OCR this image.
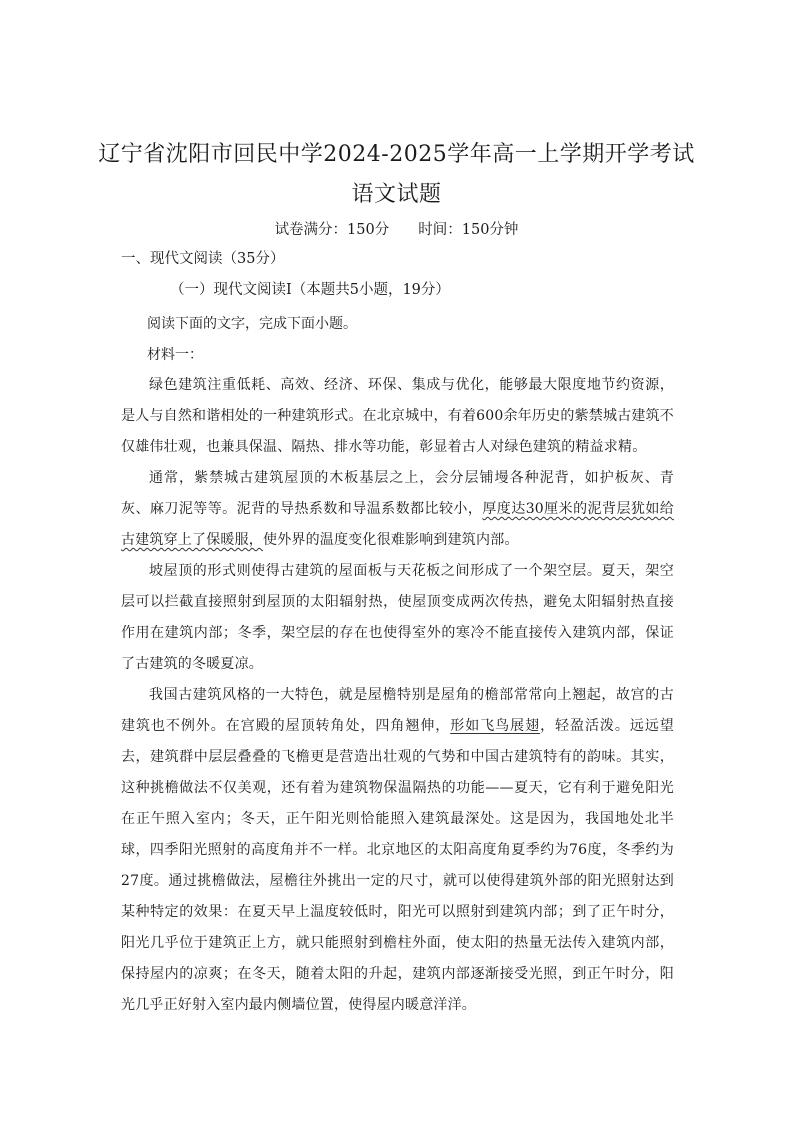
辽宁省沈阳市回民中学2024-2025学年高一上学期开学考试
语文试题
试卷满分：150分　　时间：150分钟
一、现代文阅读（35分）
（一）现代文阅读Ⅰ（本题共5小题，19分）
阅读下面的文字，完成下面小题。
材料一：

绿色建筑注重低耗、高效、经济、环保、集成与优化，能够最大限度地节约资源，是人与自然和谐相处的一种建筑形式。在北京城中，有着600余年历史的紫禁城古建筑不仅雄伟壮观，也兼具保温、隔热、排水等功能，彰显着古人对绿色建筑的精益求精。

通常，紫禁城古建筑屋顶的木板基层之上，会分层铺墁各种泥背，如护板灰、青灰、麻刀泥等等。泥背的导热系数和导温系数都比较小，厚度达30厘米的泥背层犹如给古建筑穿上了保暖服，使外界的温度变化很难影响到建筑内部。

坡屋顶的形式则使得古建筑的屋面板与天花板之间形成了一个架空层。夏天，架空层可以拦截直接照射到屋顶的太阳辐射热，使屋顶变成两次传热，避免太阳辐射热直接作用在建筑内部；冬季，架空层的存在也使得室外的寒冷不能直接传入建筑内部，保证了古建筑的冬暖夏凉。

我国古建筑风格的一大特色，就是屋檐特别是屋角的檐部常常向上翘起，故宫的古建筑也不例外。在宫殿的屋顶转角处，四角翘伸，形如飞鸟展翅，轻盈活泼。远远望去，建筑群中层层叠叠的飞檐更是营造出壮观的气势和中国古建筑特有的韵味。其实，这种挑檐做法不仅美观，还有着为建筑物保温隔热的功能——夏天，它有利于避免阳光在正午照入室内；冬天，正午阳光则恰能照入建筑最深处。这是因为，我国地处北半球，四季阳光照射的高度角并不一样。北京地区的太阳高度角夏季约为76度，冬季约为27度。通过挑檐做法，屋檐往外挑出一定的尺寸，就可以使得建筑外部的阳光照射达到某种特定的效果：在夏天早上温度较低时，阳光可以照射到建筑内部；到了正午时分，阳光几乎位于建筑正上方，就只能照射到檐柱外面，使太阳的热量无法传入建筑内部，保持屋内的凉爽；在冬天，随着太阳的升起，建筑内部逐渐接受光照，到正午时分，阳光几乎正好射入室内最内侧墙位置，使得屋内暖意洋洋。
